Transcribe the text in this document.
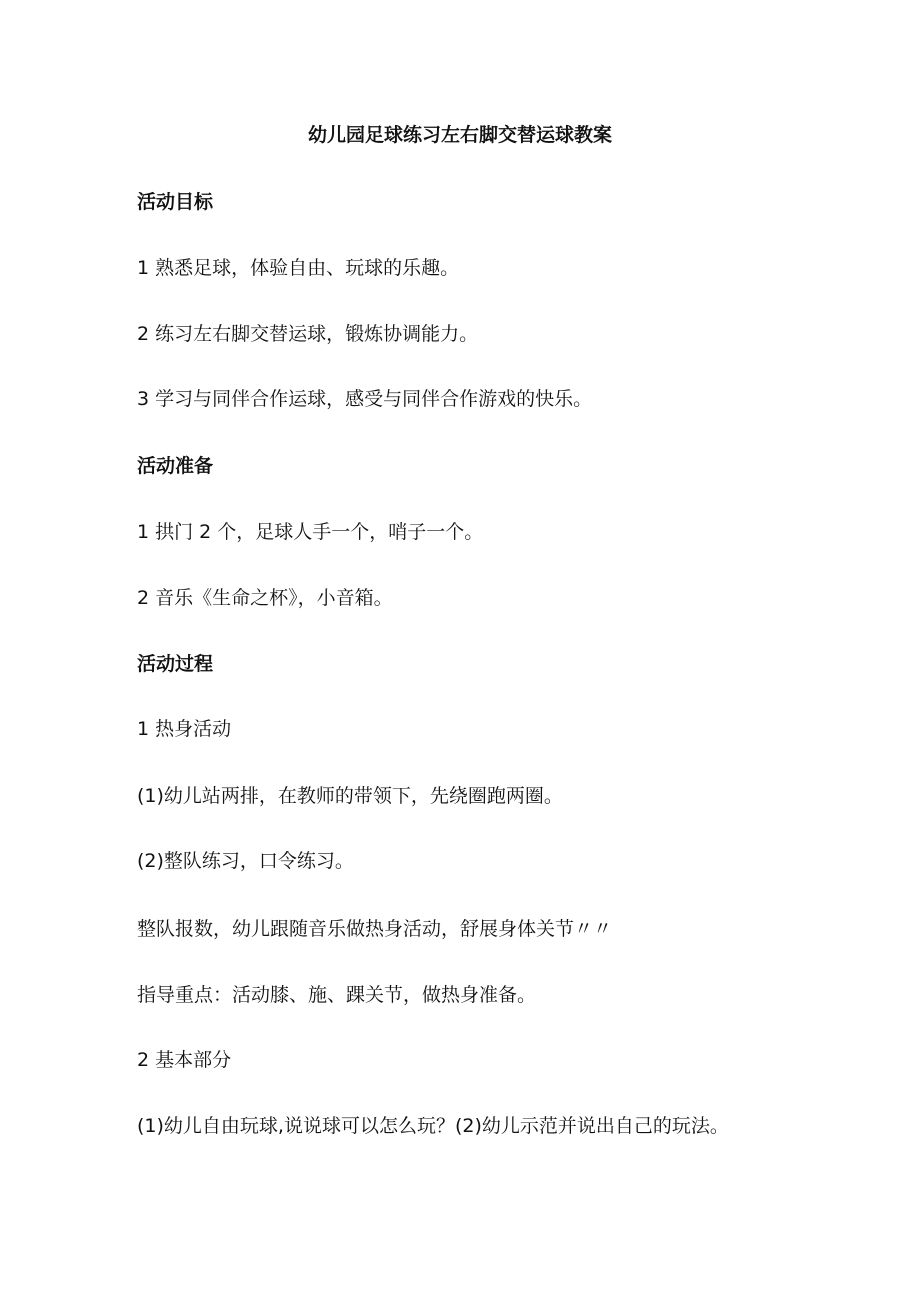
幼儿园足球练习左右脚交替运球教案
活动目标
1 熟悉足球，体验自由、玩球的乐趣。
2 练习左右脚交替运球，锻炼协调能力。
3 学习与同伴合作运球，感受与同伴合作游戏的快乐。
活动准备
1 拱门 2 个，足球人手一个，哨子一个。
2 音乐《生命之杯》，小音箱。
活动过程
1 热身活动
(1)幼儿站两排，在教师的带领下，先绕圈跑两圈。
(2)整队练习，口令练习。
整队报数，幼儿跟随音乐做热身活动，舒展身体关节〃〃
指导重点：活动膝、施、踝关节，做热身准备。
2 基本部分
(1)幼儿自由玩球,说说球可以怎么玩？(2)幼儿示范并说出自己的玩法。
